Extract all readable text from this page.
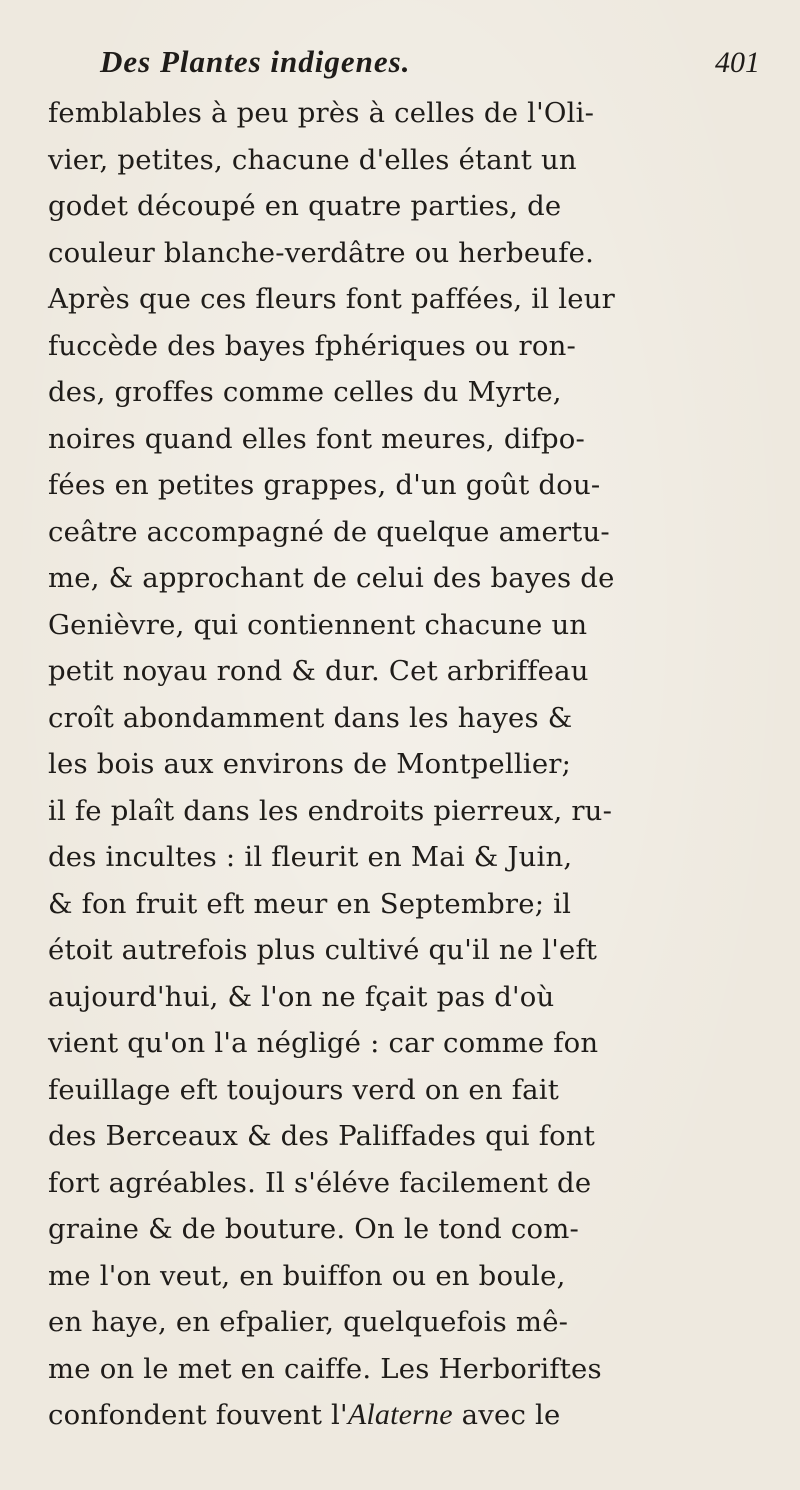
Des Plantes indigenes.	401
femblables à peu près à celles de l'Oli-
vier, petites, chacune d'elles étant un
godet découpé en quatre parties, de
couleur blanche-verdâtre ou herbeufe.
Après que ces fleurs font paffées, il leur
fuccède des bayes fphériques ou ron-
des, groffes comme celles du Myrte,
noires quand elles font meures, difpo-
fées en petites grappes, d'un goût dou-
ceâtre accompagné de quelque amertu-
me, & approchant de celui des bayes de
Genièvre, qui contiennent chacune un
petit noyau rond & dur. Cet arbriffeau
croît abondamment dans les hayes &
les bois aux environs de Montpellier;
il fe plaît dans les endroits pierreux, ru-
des incultes : il fleurit en Mai & Juin,
& fon fruit eft meur en Septembre; il
étoit autrefois plus cultivé qu'il ne l'eft
aujourd'hui, & l'on ne fçait pas d'où
vient qu'on l'a négligé : car comme fon
feuillage eft toujours verd on en fait
des Berceaux & des Paliffades qui font
fort agréables. Il s'éléve facilement de
graine & de bouture. On le tond com-
me l'on veut, en buiffon ou en boule,
en haye, en efpalier, quelquefois mê-
me on le met en caiffe. Les Herboriftes
confondent fouvent l'Alaterne avec le
